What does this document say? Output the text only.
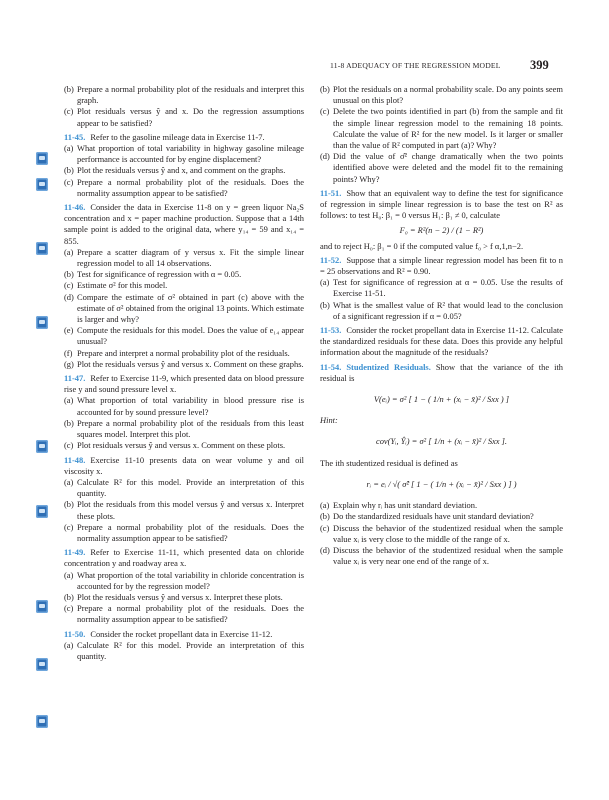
11-8 ADEQUACY OF THE REGRESSION MODEL 399

(b) Prepare a normal probability plot of the residuals and interpret this graph.

(c) Plot residuals versus ŷ and x. Do the regression assumptions appear to be satisfied?

11-45. Refer to the gasoline mileage data in Exercise 11-7.

(a) What proportion of total variability in highway gasoline mileage performance is accounted for by engine displacement?

(b) Plot the residuals versus ŷ and x, and comment on the graphs.

(c) Prepare a normal probability plot of the residuals. Does the normality assumption appear to be satisfied?

11-46. Consider the data in Exercise 11-8 on y = green liquor Na₂S concentration and x = paper machine production. Suppose that a 14th sample point is added to the original data, where y₁₄ = 59 and x₁₄ = 855.

(a) Prepare a scatter diagram of y versus x. Fit the simple linear regression model to all 14 observations.

(b) Test for significance of regression with α = 0.05.

(c) Estimate σ² for this model.

(d) Compare the estimate of σ² obtained in part (c) above with the estimate of σ² obtained from the original 13 points. Which estimate is larger and why?

(e) Compute the residuals for this model. Does the value of e₁₄ appear unusual?

(f) Prepare and interpret a normal probability plot of the residuals.

(g) Plot the residuals versus ŷ and versus x. Comment on these graphs.

11-47. Refer to Exercise 11-9, which presented data on blood pressure rise y and sound pressure level x.

(a) What proportion of total variability in blood pressure rise is accounted for by sound pressure level?

(b) Prepare a normal probability plot of the residuals from this least squares model. Interpret this plot.

(c) Plot residuals versus ŷ and versus x. Comment on these plots.

11-48. Exercise 11-10 presents data on wear volume y and oil viscosity x.

(a) Calculate R² for this model. Provide an interpretation of this quantity.

(b) Plot the residuals from this model versus ŷ and versus x. Interpret these plots.

(c) Prepare a normal probability plot of the residuals. Does the normality assumption appear to be satisfied?

11-49. Refer to Exercise 11-11, which presented data on chloride concentration y and roadway area x.

(a) What proportion of the total variability in chloride concentration is accounted for by the regression model?

(b) Plot the residuals versus ŷ and versus x. Interpret these plots.

(c) Prepare a normal probability plot of the residuals. Does the normality assumption appear to be satisfied?

11-50. Consider the rocket propellant data in Exercise 11-12.

(a) Calculate R² for this model. Provide an interpretation of this quantity.

(b) Plot the residuals on a normal probability scale. Do any points seem unusual on this plot?

(c) Delete the two points identified in part (b) from the sample and fit the simple linear regression model to the remaining 18 points. Calculate the value of R² for the new model. Is it larger or smaller than the value of R² computed in part (a)? Why?

(d) Did the value of σ̂² change dramatically when the two points identified above were deleted and the model fit to the remaining points? Why?

11-51. Show that an equivalent way to define the test for significance of regression in simple linear regression is to base the test on R² as follows: to test H₀: β₁ = 0 versus H₁: β₁ ≠ 0, calculate

F₀ = R²(n − 2) / (1 − R²)

and to reject H₀: β₁ = 0 if the computed value f₀ > f α,1,n−2.

11-52. Suppose that a simple linear regression model has been fit to n = 25 observations and R² = 0.90.

(a) Test for significance of regression at α = 0.05. Use the results of Exercise 11-51.

(b) What is the smallest value of R² that would lead to the conclusion of a significant regression if α = 0.05?

11-53. Consider the rocket propellant data in Exercise 11-12. Calculate the standardized residuals for these data. Does this provide any helpful information about the magnitude of the residuals?

11-54. Studentized Residuals. Show that the variance of the ith residual is

V(eᵢ) = σ² [ 1 − ( 1/n + (xᵢ − x̄)² / Sxx ) ]

Hint:

cov(Yᵢ, Ŷᵢ) = σ² [ 1/n + (xᵢ − x̄)² / Sxx ].

The ith studentized residual is defined as

rᵢ = eᵢ / √( σ̂² [ 1 − ( 1/n + (xᵢ − x̄)² / Sxx ) ] )

(a) Explain why rᵢ has unit standard deviation.

(b) Do the standardized residuals have unit standard deviation?

(c) Discuss the behavior of the studentized residual when the sample value xᵢ is very close to the middle of the range of x.

(d) Discuss the behavior of the studentized residual when the sample value xᵢ is very near one end of the range of x.
